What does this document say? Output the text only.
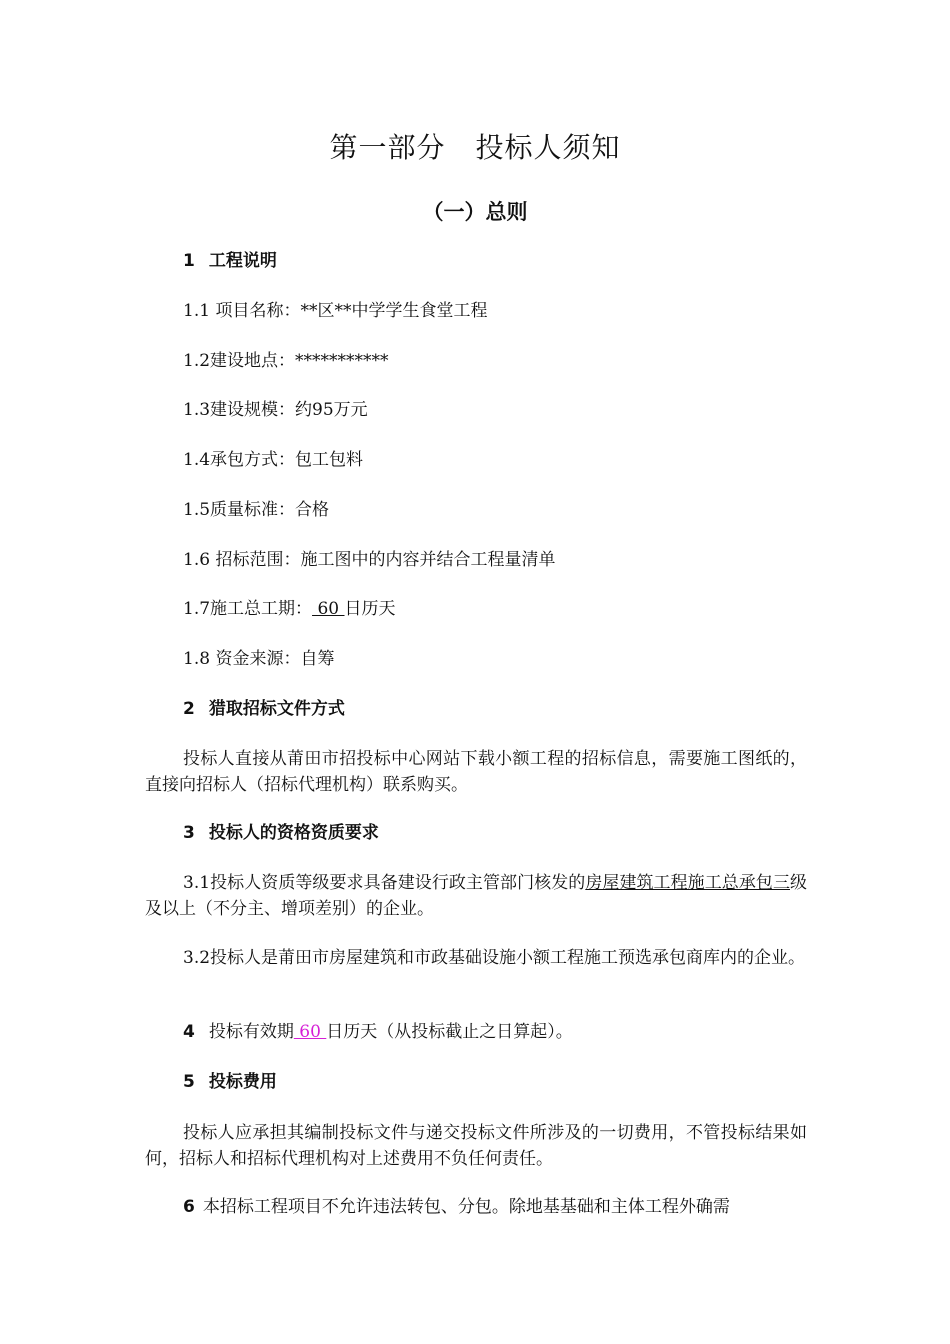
第一部分 投标人须知
（一）总则
1 工程说明
1.1 项目名称：**区**中学学生食堂工程
1.2建设地点：***********
1.3建设规模：约95万元
1.4承包方式：包工包料
1.5质量标准：合格
1.6 招标范围：施工图中的内容并结合工程量清单
1.7施工总工期： 60 日历天
1.8 资金来源：自筹
2 猎取招标文件方式
投标人直接从莆田市招投标中心网站下载小额工程的招标信息，需要施工图纸的，直接向招标人（招标代理机构）联系购买。
3 投标人的资格资质要求
3.1投标人资质等级要求具备建设行政主管部门核发的房屋建筑工程施工总承包三级及以上（不分主、增项差别）的企业。
3.2投标人是莆田市房屋建筑和市政基础设施小额工程施工预选承包商库内的企业。
4 投标有效期 60 日历天（从投标截止之日算起）。
5 投标费用
投标人应承担其编制投标文件与递交投标文件所涉及的一切费用，不管投标结果如何，招标人和招标代理机构对上述费用不负任何责任。
6 本招标工程项目不允许违法转包、分包。除地基基础和主体工程外确需
